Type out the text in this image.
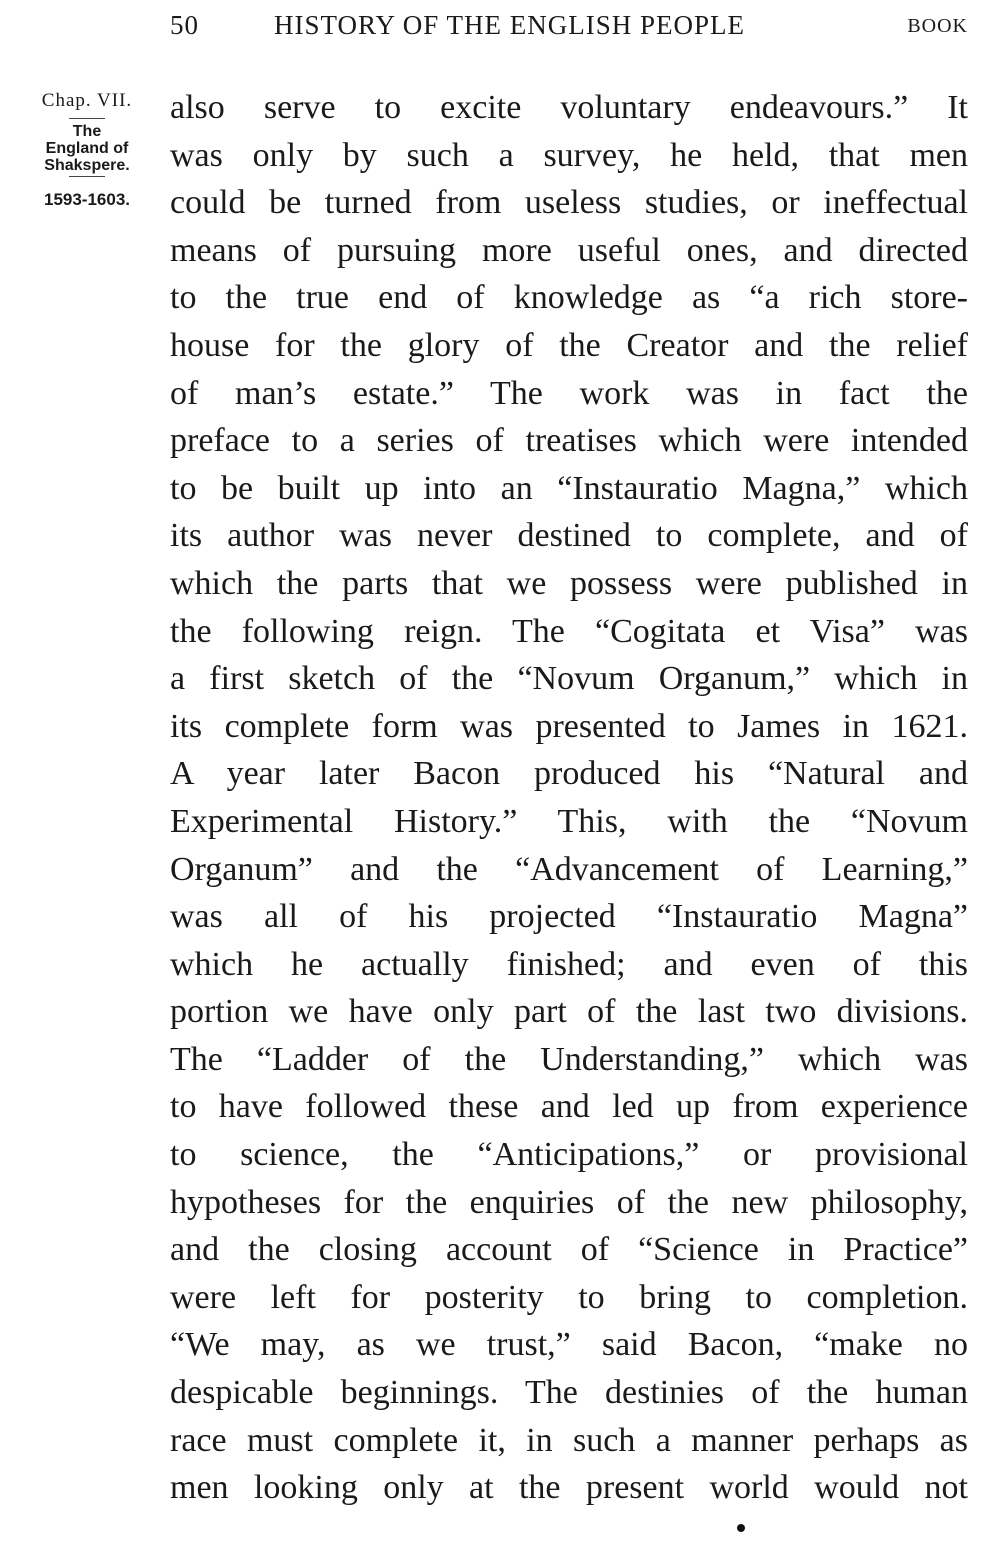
50	HISTORY OF THE ENGLISH PEOPLE	BOOK
Chap. VII.
The
England of
Shakspere.
1593-1603.
also serve to excite voluntary endeavours.” It
was only by such a survey, he held, that men
could be turned from useless studies, or ineffectual
means of pursuing more useful ones, and directed
to the true end of knowledge as “a rich store-
house for the glory of the Creator and the relief
of man’s estate.” The work was in fact the
preface to a series of treatises which were intended
to be built up into an “Instauratio Magna,” which
its author was never destined to complete, and of
which the parts that we possess were published in
the following reign. The “Cogitata et Visa” was
a first sketch of the “Novum Organum,” which in
its complete form was presented to James in 1621.
A year later Bacon produced his “Natural and
Experimental History.” This, with the “Novum
Organum” and the “Advancement of Learning,”
was all of his projected “Instauratio Magna”
which he actually finished; and even of this
portion we have only part of the last two divisions.
The “Ladder of the Understanding,” which was
to have followed these and led up from experience
to science, the “Anticipations,” or provisional
hypotheses for the enquiries of the new philosophy,
and the closing account of “Science in Practice”
were left for posterity to bring to completion.
“We may, as we trust,” said Bacon, “make no
despicable beginnings. The destinies of the human
race must complete it, in such a manner perhaps as
men looking only at the present world would not
